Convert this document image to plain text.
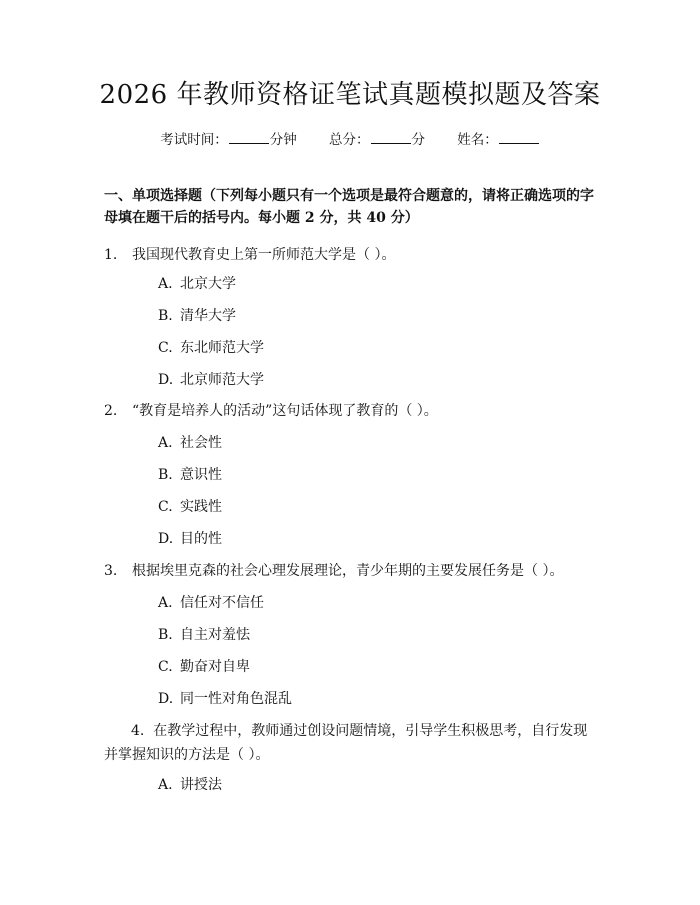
2026 年教师资格证笔试真题模拟题及答案
考试时间：	分钟 总分：	分 姓名：
一、单项选择题（下列每小题只有一个选项是最符合题意的，请将正确选项的字母填在题干后的括号内。每小题 2 分，共 40 分）
1. 我国现代教育史上第一所师范大学是（ ）。
A. 北京大学
B. 清华大学
C. 东北师范大学
D. 北京师范大学
2. “教育是培养人的活动”这句话体现了教育的（ ）。
A. 社会性
B. 意识性
C. 实践性
D. 目的性
3. 根据埃里克森的社会心理发展理论，青少年期的主要发展任务是（ ）。
A. 信任对不信任
B. 自主对羞怯
C. 勤奋对自卑
D. 同一性对角色混乱
4. 在教学过程中，教师通过创设问题情境，引导学生积极思考，自行发现并掌握知识的方法是（ ）。
A. 讲授法
